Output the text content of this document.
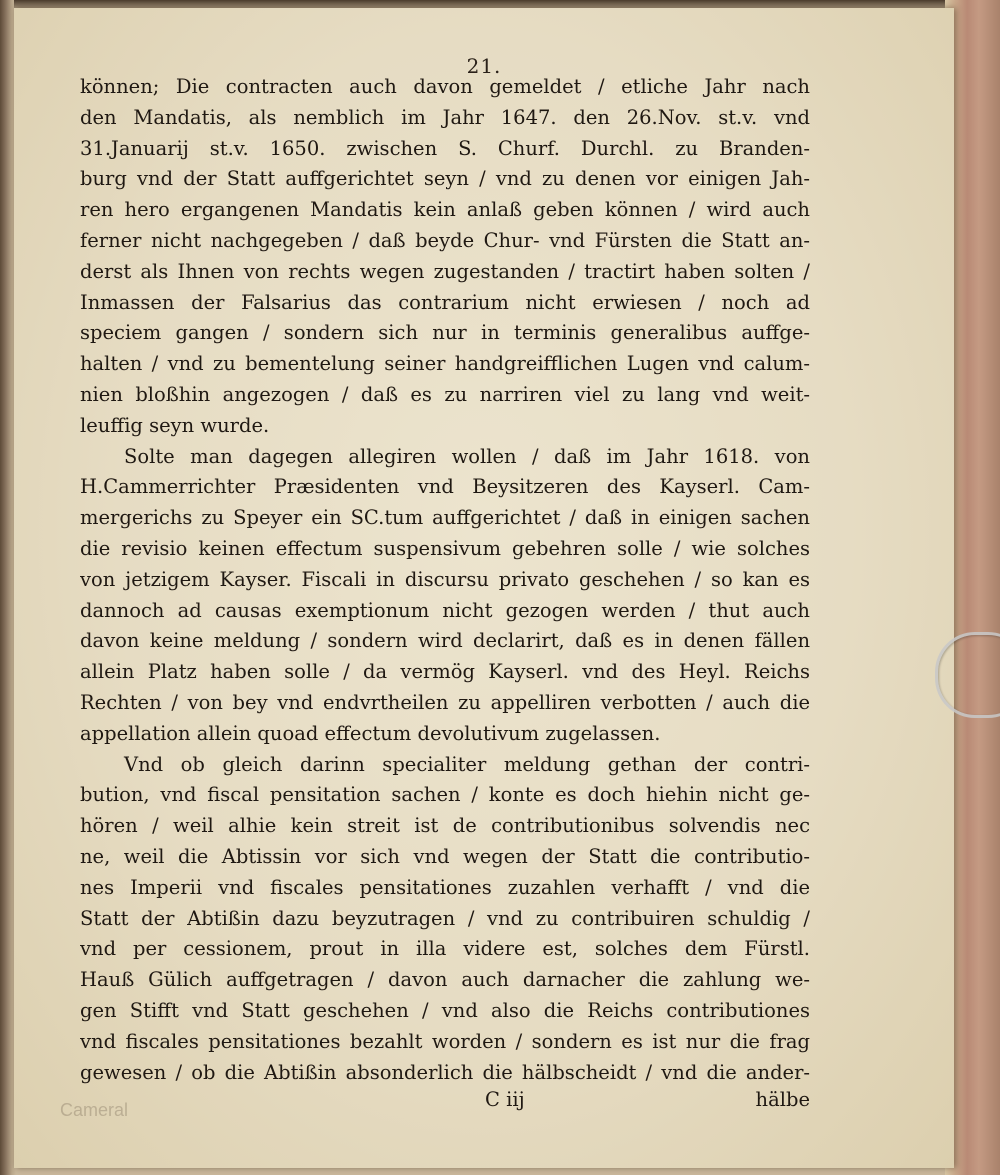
21.
können; Die contracten auch davon gemeldet / etliche Jahr nach
den Mandatis, als nemblich im Jahr 1647. den 26.Nov. st.v. vnd
31.Januarij st.v. 1650. zwischen S. Churf. Durchl. zu Branden-
burg vnd der Statt auffgerichtet seyn / vnd zu denen vor einigen Jah-
ren hero ergangenen Mandatis kein anlaß geben können / wird auch
ferner nicht nachgegeben / daß beyde Chur- vnd Fürsten die Statt an-
derst als Ihnen von rechts wegen zugestanden / tractirt haben solten /
Inmassen der Falsarius das contrarium nicht erwiesen / noch ad
speciem gangen / sondern sich nur in terminis generalibus auffge-
halten / vnd zu bementelung seiner handgreifflichen Lugen vnd calum-
nien bloßhin angezogen / daß es zu narriren viel zu lang vnd weit-
leuffig seyn wurde.
Solte man dagegen allegiren wollen / daß im Jahr 1618. von
H.Cammerrichter Præsidenten vnd Beysitzeren des Kayserl. Cam-
mergerichs zu Speyer ein SC.tum auffgerichtet / daß in einigen sachen
die revisio keinen effectum suspensivum gebehren solle / wie solches
von jetzigem Kayser. Fiscali in discursu privato geschehen / so kan es
dannoch ad causas exemptionum nicht gezogen werden / thut auch
davon keine meldung / sondern wird declarirt, daß es in denen fällen
allein Platz haben solle / da vermög Kayserl. vnd des Heyl. Reichs
Rechten / von bey vnd endvrtheilen zu appelliren verbotten / auch die
appellation allein quoad effectum devolutivum zugelassen.
Vnd ob gleich darinn specialiter meldung gethan der contri-
bution, vnd fiscal pensitation sachen / konte es doch hiehin nicht ge-
hören / weil alhie kein streit ist de contributionibus solvendis nec
ne, weil die Abtissin vor sich vnd wegen der Statt die contributio-
nes Imperii vnd fiscales pensitationes zuzahlen verhafft / vnd die
Statt der Abtißin dazu beyzutragen / vnd zu contribuiren schuldig /
vnd per cessionem, prout in illa videre est, solches dem Fürstl.
Hauß Gülich auffgetragen / davon auch darnacher die zahlung we-
gen Stifft vnd Statt geschehen / vnd also die Reichs contributiones
vnd fiscales pensitationes bezahlt worden / sondern es ist nur die frag
gewesen / ob die Abtißin absonderlich die hälbscheidt / vnd die ander-
C iij	hälbe
Cameral
